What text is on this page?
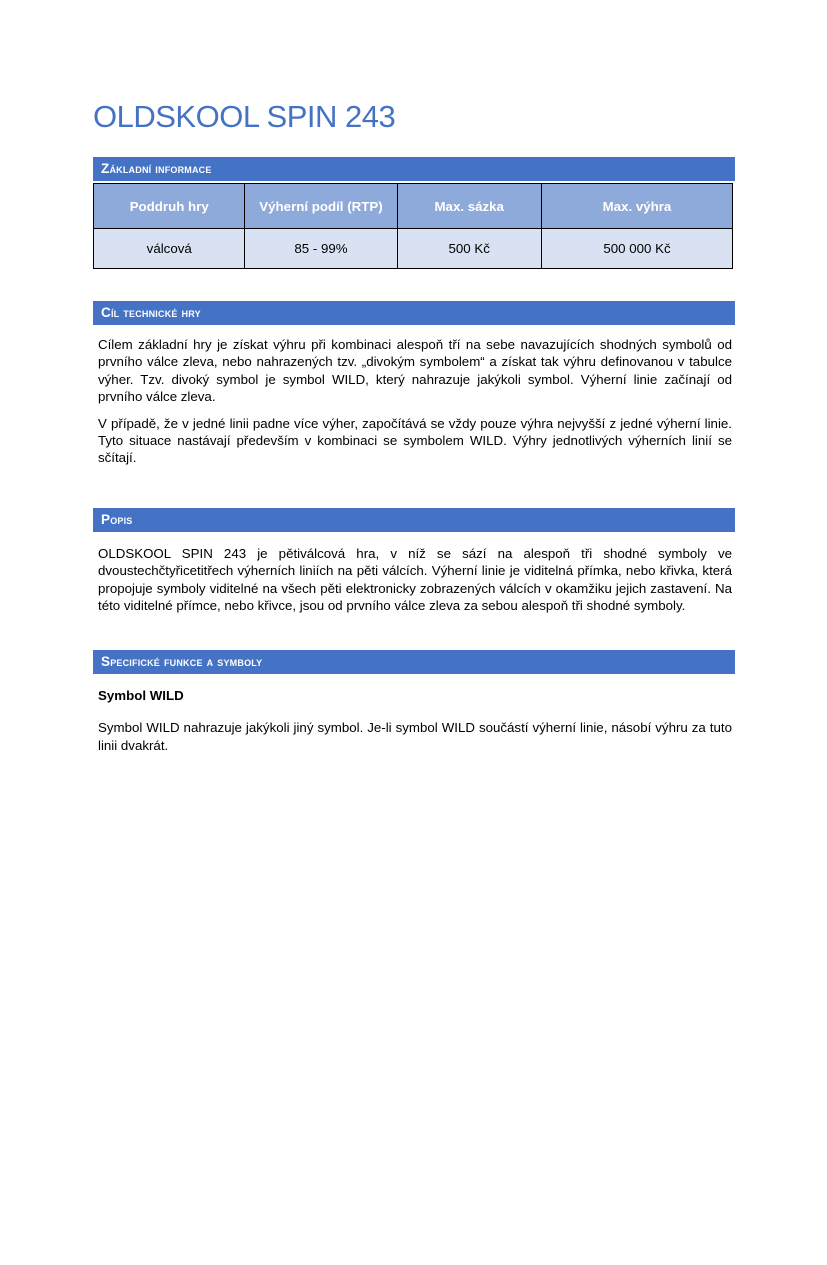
OLDSKOOL SPIN 243
Základní informace
Poddruh hry	Výherní podíl (RTP)	Max. sázka	Max. výhra
válcová	85 - 99%	500 Kč	500 000 Kč
Cíl technické hry

Cílem základní hry je získat výhru při kombinaci alespoň tří na sebe navazujících shodných symbolů od prvního válce zleva, nebo nahrazených tzv. „divokým symbolem“ a získat tak výhru definovanou v tabulce výher. Tzv. divoký symbol je symbol WILD, který nahrazuje jakýkoli symbol. Výherní linie začínají od prvního válce zleva.

V případě, že v jedné linii padne více výher, započítává se vždy pouze výhra nejvyšší z jedné výherní linie. Tyto situace nastávají především v kombinaci se symbolem WILD. Výhry jednotlivých výherních linií se sčítají.

Popis

OLDSKOOL SPIN 243 je pětiválcová hra, v níž se sází na alespoň tři shodné symboly ve dvoustechčtyřicetitřech výherních liniích na pěti válcích. Výherní linie je viditelná přímka, nebo křivka, která propojuje symboly viditelné na všech pěti elektronicky zobrazených válcích v okamžiku jejich zastavení. Na této viditelné přímce, nebo křivce, jsou od prvního válce zleva za sebou alespoň tři shodné symboly.

Specifické funkce a symboly
Symbol WILD

Symbol WILD nahrazuje jakýkoli jiný symbol. Je-li symbol WILD součástí výherní linie, násobí výhru za tuto linii dvakrát.
